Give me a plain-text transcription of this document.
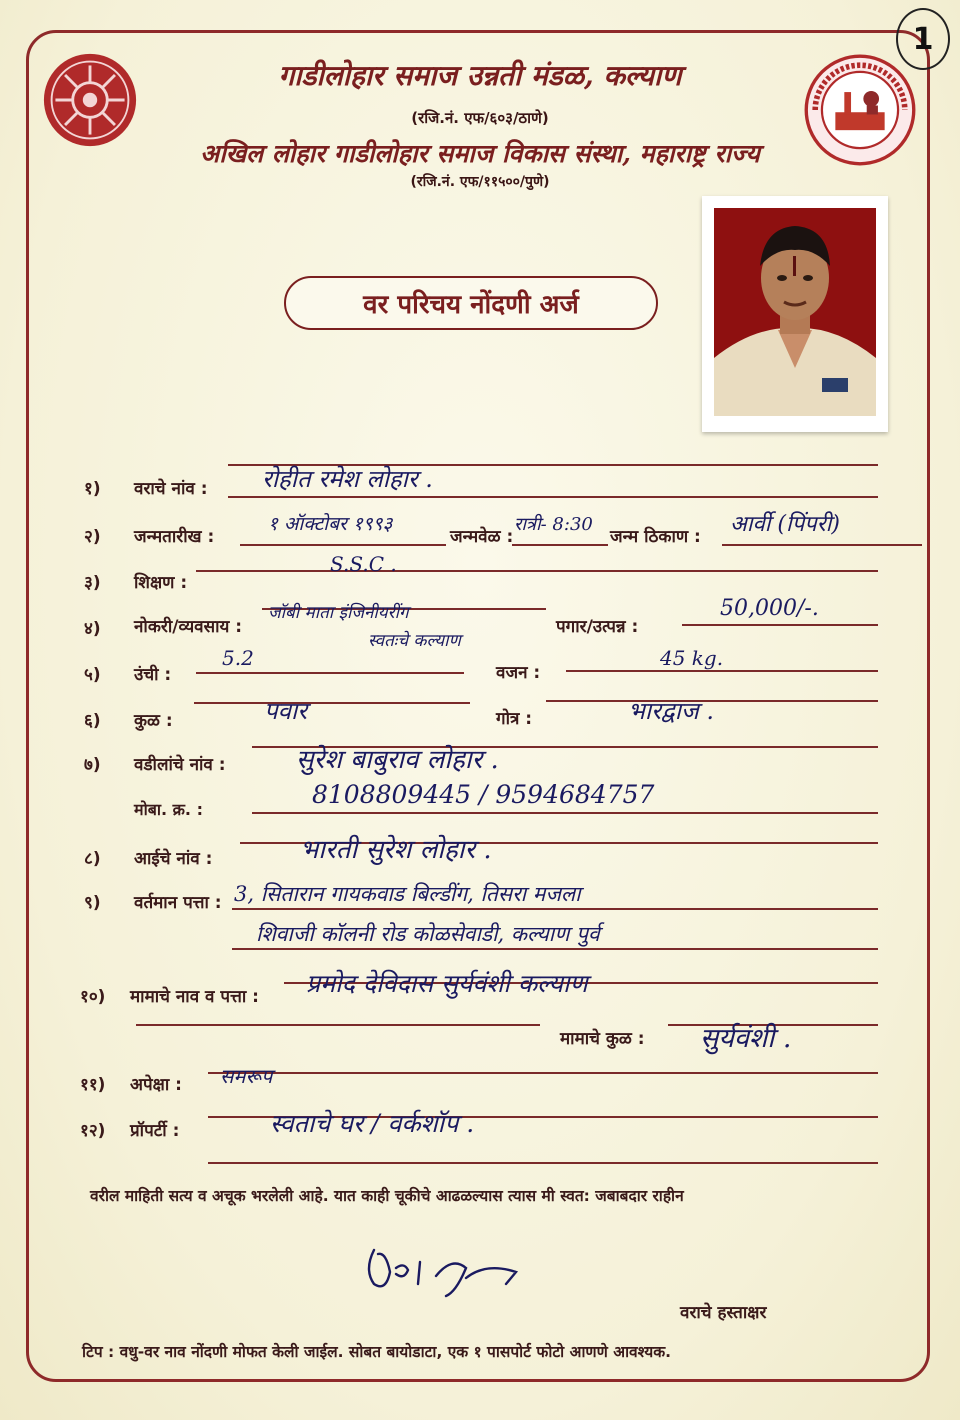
1
गाडीलोहार समाज उन्नती मंडळ, कल्याण
(रजि.नं. एफ/६०३/ठाणे)
अखिल लोहार गाडीलोहार समाज विकास संस्था, महाराष्ट्र राज्य
(रजि.नं. एफ/११५००/पुणे)
वर परिचय नोंदणी अर्ज
१) वराचे नांव : रोहीत रमेश लोहार .
२) जन्मतारीख :
१ ऑक्टोबर १९९३
जन्मवेळ :
रात्री- 8:30
जन्म ठिकाण : आर्वी (पिंपरी)
३) शिक्षण :
S.S.C .
४) नोकरी/व्यवसाय :
जॉबी माता इंजिनीयरींग
स्वतःचे कल्याण
पगार/उत्पन्न :
50,000/-.
५) उंची :
5.2
वजन :
45 kg.
६) कुळ :	पवार	गोत्र :	भारद्वाज .
७) वडीलांचे नांव :	सुरेश बाबुराव लोहार .
मोबा. क्र. :
8108809445 / 9594684757
८) आईचे नांव :	भारती सुरेश लोहार .
९) वर्तमान पत्ता : 3, सितारान गायकवाड बिल्डींग, तिसरा मजला
शिवाजी कॉलनी रोड कोळसेवाडी, कल्याण पुर्व
१०) मामाचे नाव व पत्ता : प्रमोद देविदास सुर्यवंशी कल्याण
मामाचे कुळ : सुर्यवंशी .
११) अपेक्षा : समरूप
१२) प्रॉपर्टी :	स्वताचे घर / वर्कशॉप .
वरील माहिती सत्य व अचूक भरलेली आहे. यात काही चूकीचे आढळल्यास त्यास मी स्वत: जबाबदार राहीन
वराचे हस्ताक्षर
टिप : वधु-वर नाव नोंदणी मोफत केली जाईल. सोबत बायोडाटा, एक १ पासपोर्ट फोटो आणणे आवश्यक.
